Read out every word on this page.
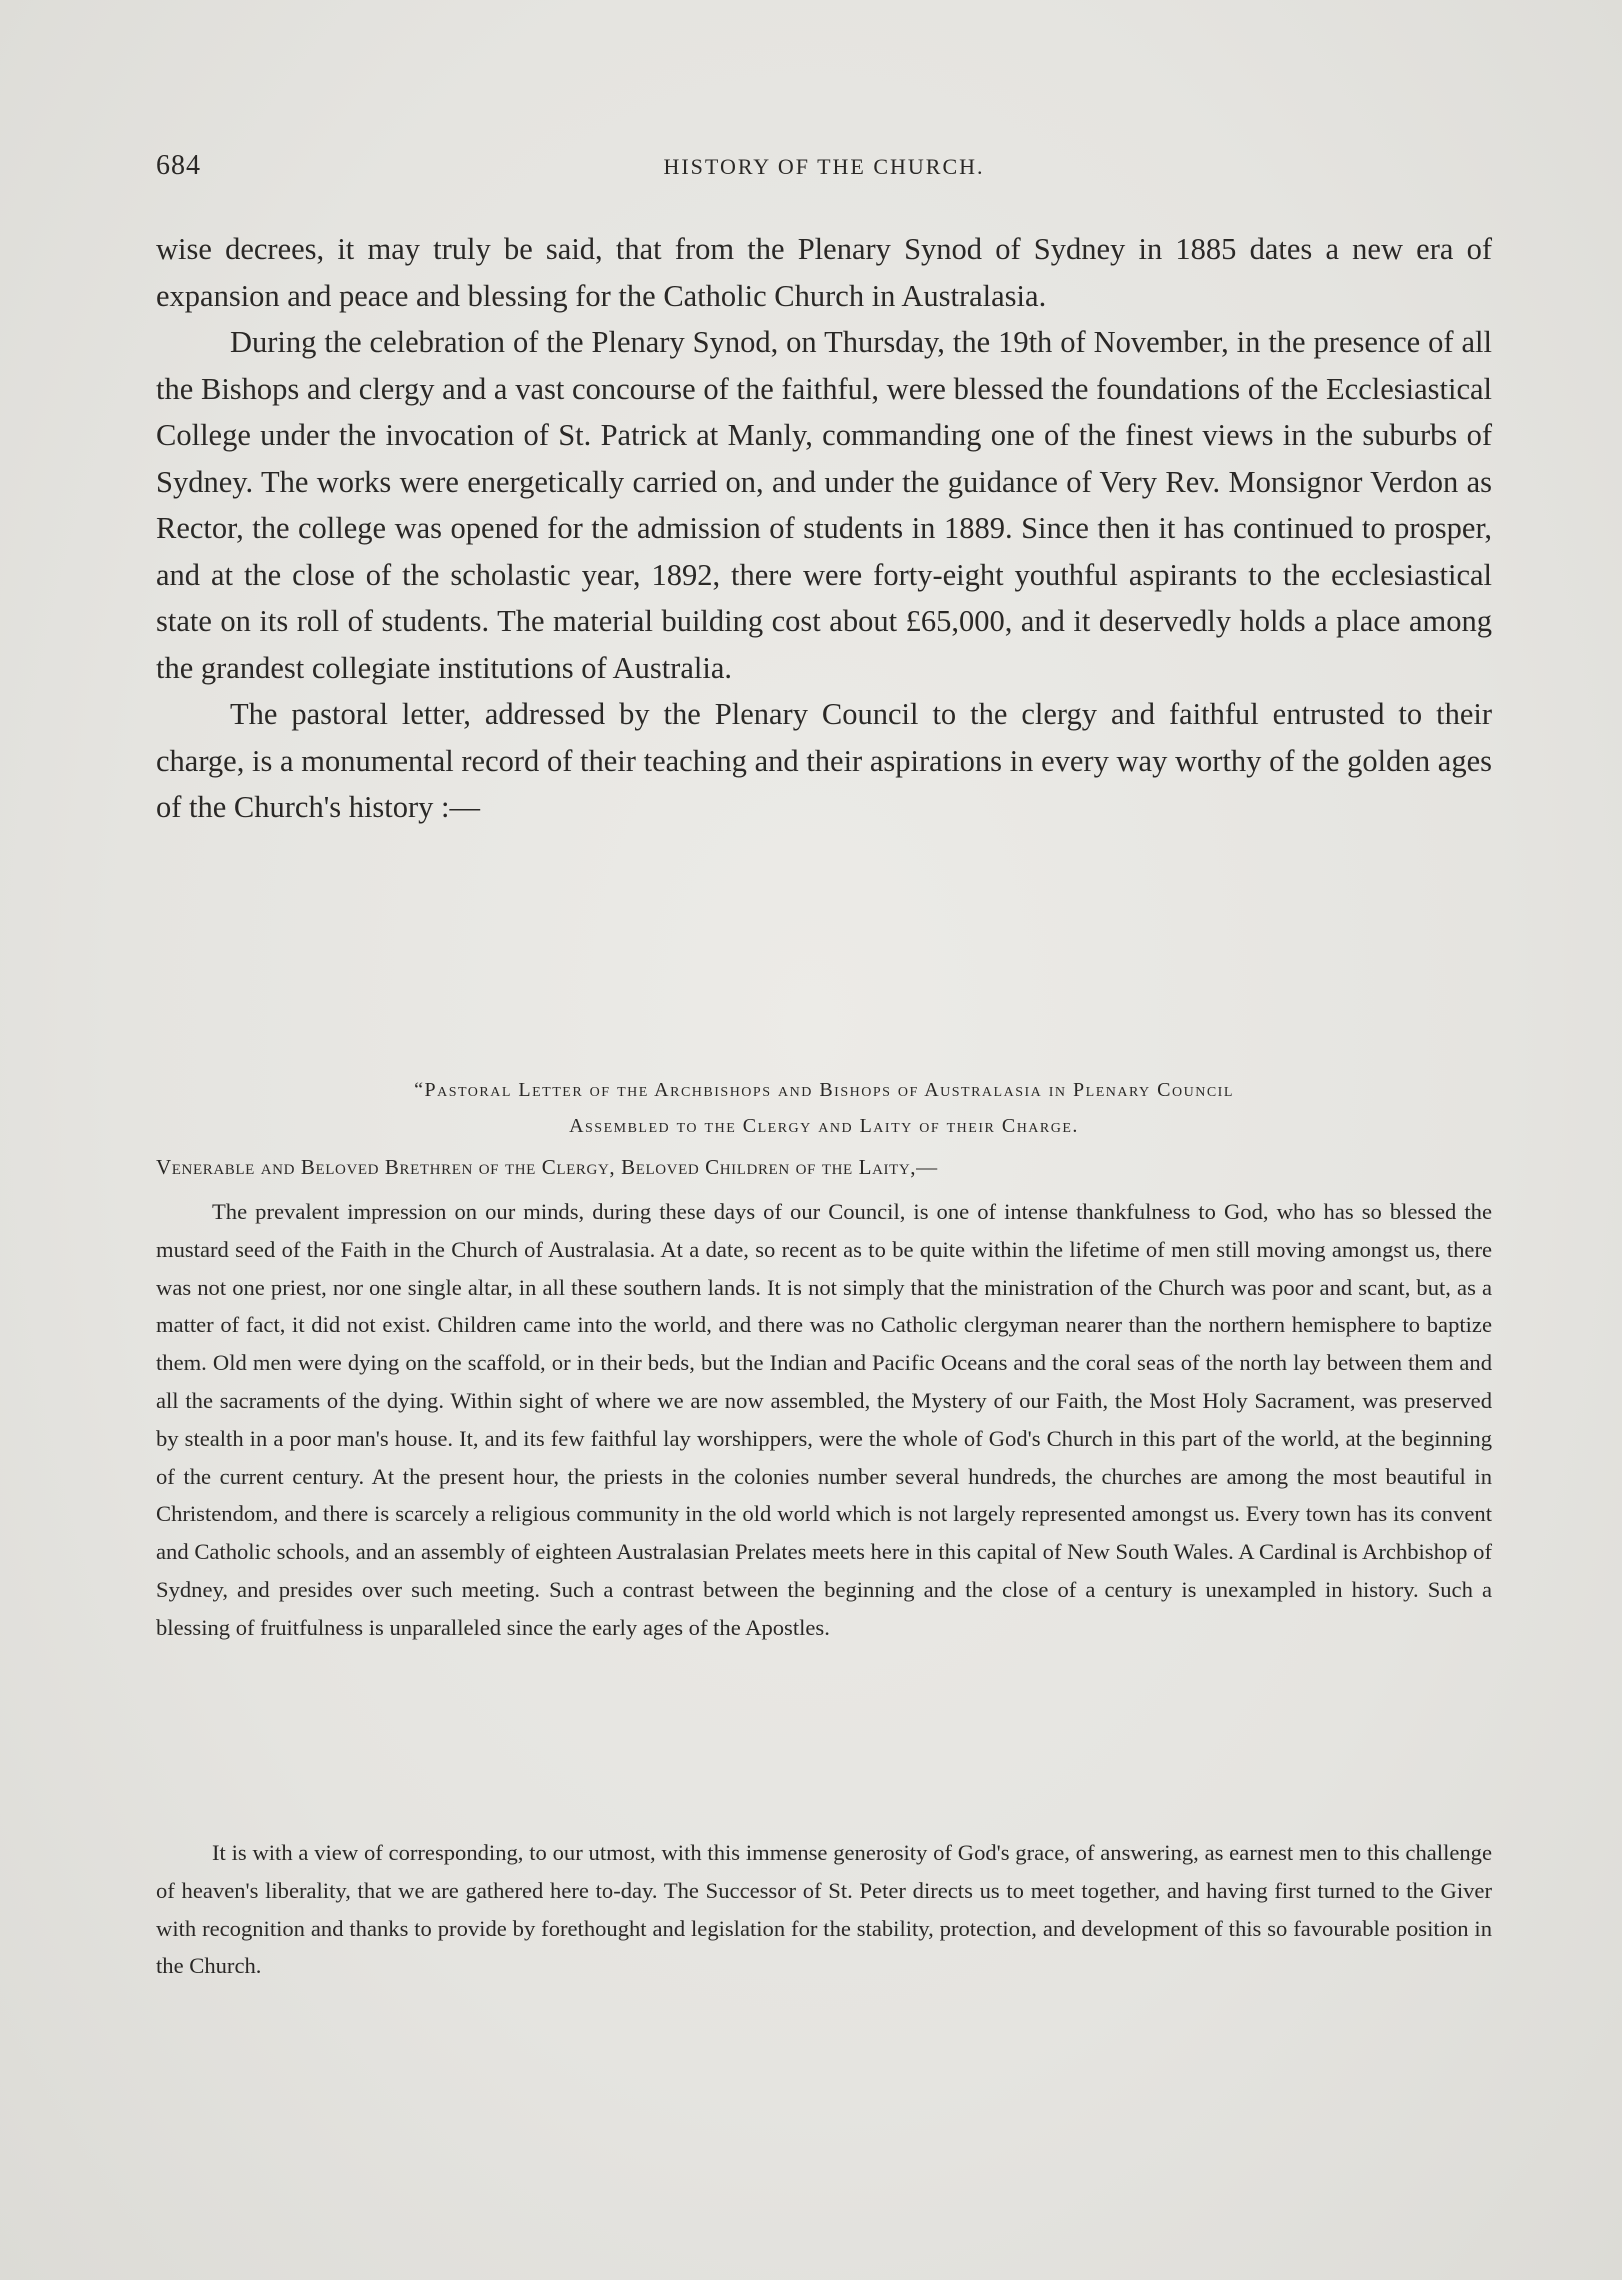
684	HISTORY OF THE CHURCH.

wise decrees, it may truly be said, that from the Plenary Synod of Sydney in 1885 dates a new era of expansion and peace and blessing for the Catholic Church in Australasia.

During the celebration of the Plenary Synod, on Thursday, the 19th of November, in the presence of all the Bishops and clergy and a vast concourse of the faithful, were blessed the foundations of the Ecclesiastical College under the invocation of St. Patrick at Manly, commanding one of the finest views in the suburbs of Sydney. The works were energetically carried on, and under the guidance of Very Rev. Monsignor Verdon as Rector, the college was opened for the admission of students in 1889. Since then it has continued to prosper, and at the close of the scholastic year, 1892, there were forty-eight youthful aspirants to the ecclesiastical state on its roll of students. The material building cost about £65,000, and it deservedly holds a place among the grandest collegiate institutions of Australia.

The pastoral letter, addressed by the Plenary Council to the clergy and faithful entrusted to their charge, is a monumental record of their teaching and their aspirations in every way worthy of the golden ages of the Church's history :—

“Pastoral Letter of the Archbishops and Bishops of Australasia in Plenary Council
Assembled to the Clergy and Laity of their Charge.
Venerable and Beloved Brethren of the Clergy, Beloved Children of the Laity,—

The prevalent impression on our minds, during these days of our Council, is one of intense thankfulness to God, who has so blessed the mustard seed of the Faith in the Church of Australasia. At a date, so recent as to be quite within the lifetime of men still moving amongst us, there was not one priest, nor one single altar, in all these southern lands. It is not simply that the ministration of the Church was poor and scant, but, as a matter of fact, it did not exist. Children came into the world, and there was no Catholic clergyman nearer than the northern hemisphere to baptize them. Old men were dying on the scaffold, or in their beds, but the Indian and Pacific Oceans and the coral seas of the north lay between them and all the sacraments of the dying. Within sight of where we are now assembled, the Mystery of our Faith, the Most Holy Sacrament, was preserved by stealth in a poor man's house. It, and its few faithful lay worshippers, were the whole of God's Church in this part of the world, at the beginning of the current century. At the present hour, the priests in the colonies number several hundreds, the churches are among the most beautiful in Christendom, and there is scarcely a religious community in the old world which is not largely represented amongst us. Every town has its convent and Catholic schools, and an assembly of eighteen Australasian Prelates meets here in this capital of New South Wales. A Cardinal is Archbishop of Sydney, and presides over such meeting. Such a contrast between the beginning and the close of a century is unexampled in history. Such a blessing of fruitfulness is unparalleled since the early ages of the Apostles.

It is with a view of corresponding, to our utmost, with this immense generosity of God's grace, of answering, as earnest men to this challenge of heaven's liberality, that we are gathered here to-day. The Successor of St. Peter directs us to meet together, and having first turned to the Giver with recognition and thanks to provide by forethought and legislation for the stability, protection, and development of this so favourable position in the Church.
